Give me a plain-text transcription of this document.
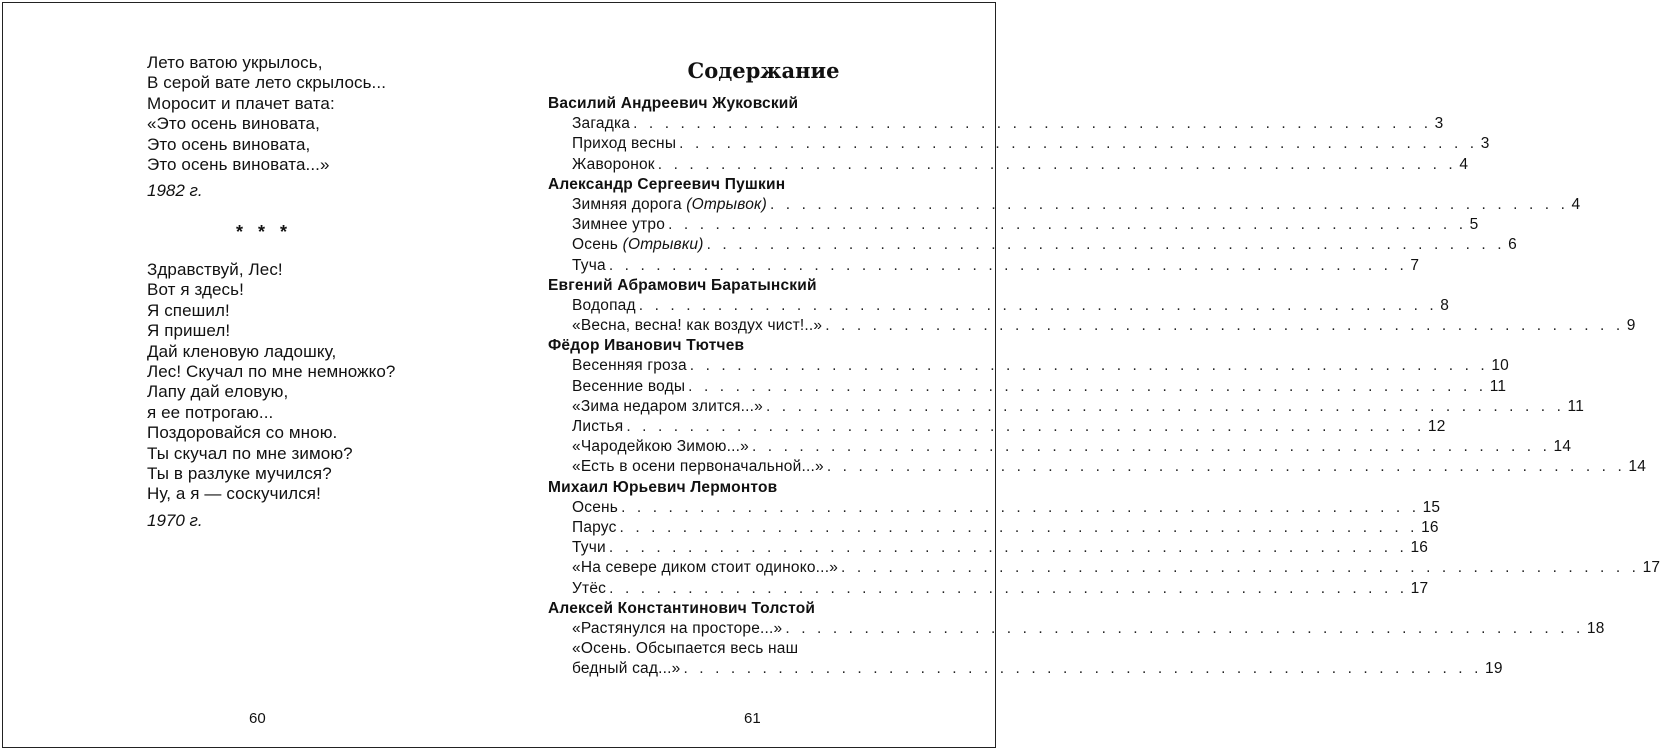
Лето ватою укрылось,
В серой вате лето скрылось...
Моросит и плачет вата:
«Это осень виновата,
Это осень виновата,
Это осень виновата...»
1982 г.
* * *
Здравствуй, Лес!
Вот я здесь!
Я спешил!
Я пришел!
Дай кленовую ладошку,
Лес! Скучал по мне немножко?
Лапу дай еловую,
я ее потрогаю...
Поздоровайся со мною.
Ты скучал по мне зимою?
Ты в разлуке мучился?
Ну, а я — соскучился!
1970 г.
60
Содержание
Василий Андреевич Жуковский
Загадка . . . . . . . . . . . . . . . . . . . . . . . . . . . . . . . . . . . . . . . . . . . . . . . . . . . 3
Приход весны . . . . . . . . . . . . . . . . . . . . . . . . . . . . . . . . . . . . . . . . . . . . . . . . . . . 3
Жаворонок . . . . . . . . . . . . . . . . . . . . . . . . . . . . . . . . . . . . . . . . . . . . . . . . . . . 4
Александр Сергеевич Пушкин
Зимняя дорога (Отрывок) . . . . . . . . . . . . . . . . . . . . . . . . . . . . . . . . . . . . . . . . . . . . . . . . . . . 4
Зимнее утро . . . . . . . . . . . . . . . . . . . . . . . . . . . . . . . . . . . . . . . . . . . . . . . . . . . 5
Осень (Отрывки) . . . . . . . . . . . . . . . . . . . . . . . . . . . . . . . . . . . . . . . . . . . . . . . . . . . 6
Туча . . . . . . . . . . . . . . . . . . . . . . . . . . . . . . . . . . . . . . . . . . . . . . . . . . . 7
Евгений Абрамович Баратынский
Водопад . . . . . . . . . . . . . . . . . . . . . . . . . . . . . . . . . . . . . . . . . . . . . . . . . . . 8
«Весна, весна! как воздух чист!..» . . . . . . . . . . . . . . . . . . . . . . . . . . . . . . . . . . . . . . . . . . . . . . . . . . . 9
Фёдор Иванович Тютчев
Весенняя гроза . . . . . . . . . . . . . . . . . . . . . . . . . . . . . . . . . . . . . . . . . . . . . . . . . . . 10
Весенние воды . . . . . . . . . . . . . . . . . . . . . . . . . . . . . . . . . . . . . . . . . . . . . . . . . . . 11
«Зима недаром злится...» . . . . . . . . . . . . . . . . . . . . . . . . . . . . . . . . . . . . . . . . . . . . . . . . . . . 11
Листья . . . . . . . . . . . . . . . . . . . . . . . . . . . . . . . . . . . . . . . . . . . . . . . . . . . 12
«Чародейкою Зимою...» . . . . . . . . . . . . . . . . . . . . . . . . . . . . . . . . . . . . . . . . . . . . . . . . . . . 14
«Есть в осени первоначальной...» . . . . . . . . . . . . . . . . . . . . . . . . . . . . . . . . . . . . . . . . . . . . . . . . . . . 14
Михаил Юрьевич Лермонтов
Осень . . . . . . . . . . . . . . . . . . . . . . . . . . . . . . . . . . . . . . . . . . . . . . . . . . . 15
Парус . . . . . . . . . . . . . . . . . . . . . . . . . . . . . . . . . . . . . . . . . . . . . . . . . . . 16
Тучи . . . . . . . . . . . . . . . . . . . . . . . . . . . . . . . . . . . . . . . . . . . . . . . . . . . 16
«На севере диком стоит одиноко...» . . . . . . . . . . . . . . . . . . . . . . . . . . . . . . . . . . . . . . . . . . . . . . . . . . . 17
Утёс . . . . . . . . . . . . . . . . . . . . . . . . . . . . . . . . . . . . . . . . . . . . . . . . . . . 17
Алексей Константинович Толстой
«Растянулся на просторе...» . . . . . . . . . . . . . . . . . . . . . . . . . . . . . . . . . . . . . . . . . . . . . . . . . . . 18
«Осень. Обсыпается весь наш
бедный сад...» . . . . . . . . . . . . . . . . . . . . . . . . . . . . . . . . . . . . . . . . . . . . . . . . . . . 19
61
